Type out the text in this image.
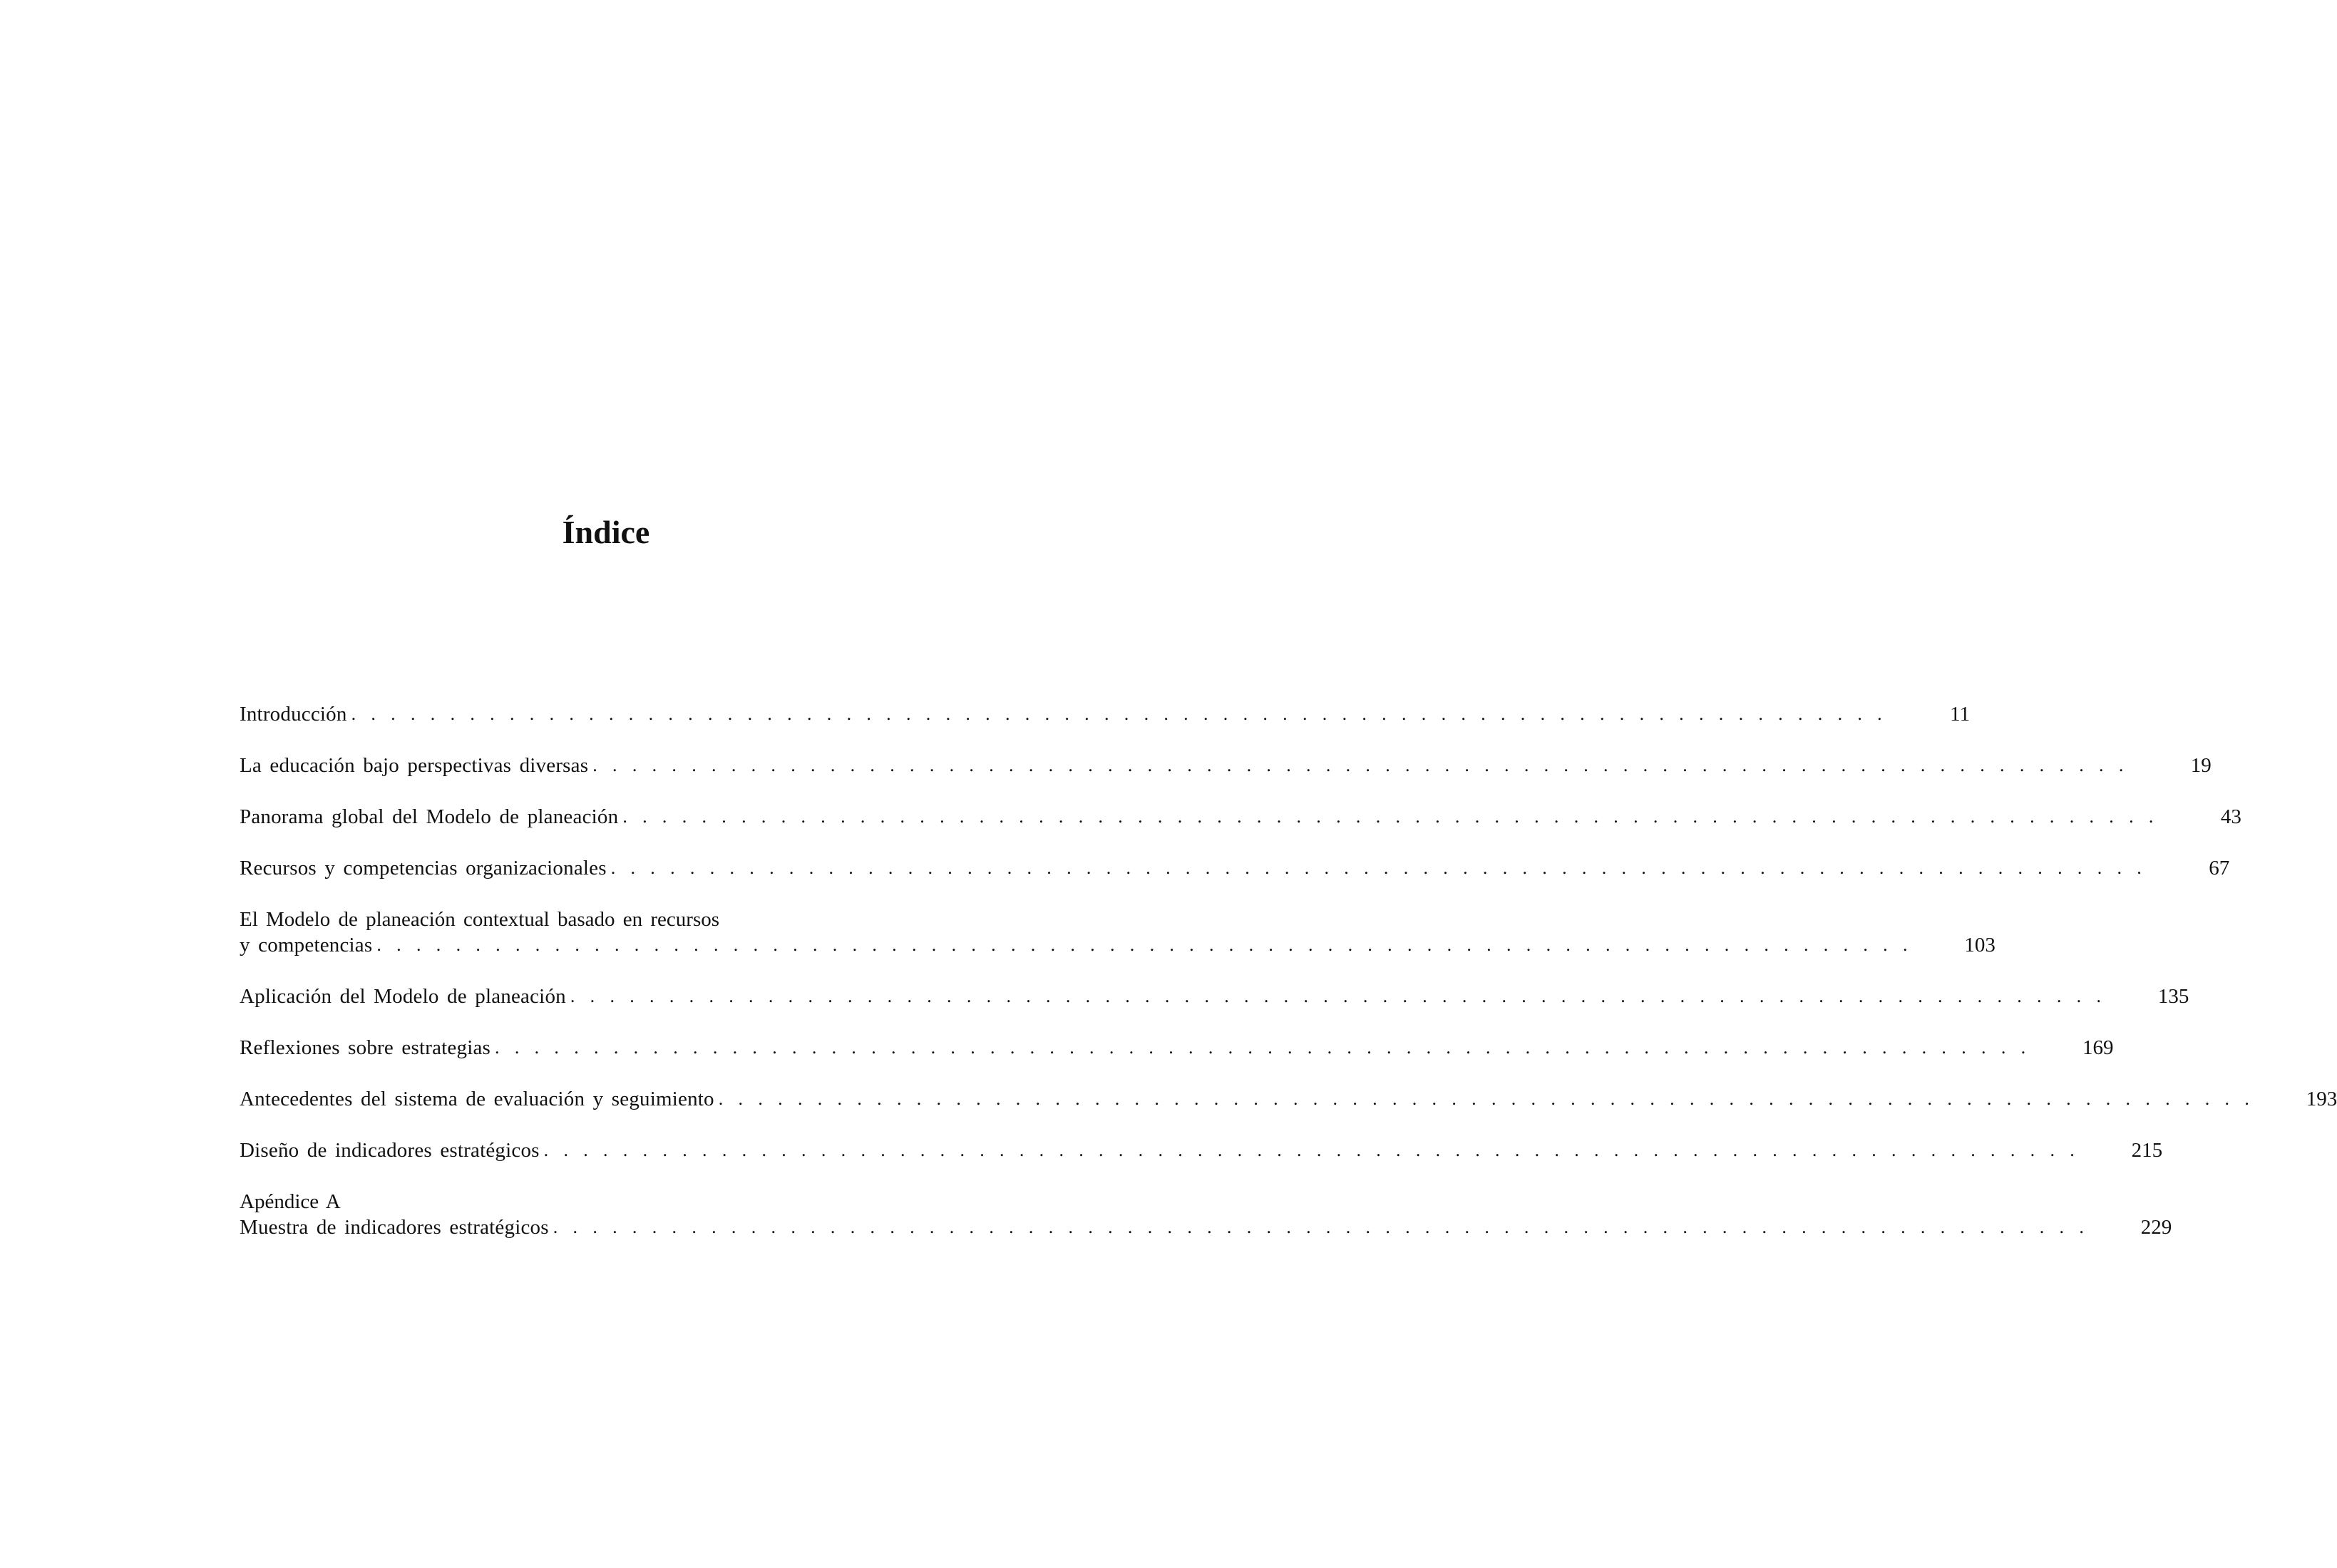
Índice
Introducción . . . . . . . . . . . . . . . . . . . . . . . . . . . . . . . . . . . . . . . . . . . . . . . . . . . . . . . . . . . . . . . . . . . . . . . . . . . . . .	11
La educación bajo perspectivas diversas . . . . . . . . . . . . . . . . . . . . . . . . . . . . . . . . . . . . . . . . . . . . . . . . . . . . . . . . . . . . . . . . . . . . . . . . . . . . . .	19
Panorama global del Modelo de planeación . . . . . . . . . . . . . . . . . . . . . . . . . . . . . . . . . . . . . . . . . . . . . . . . . . . . . . . . . . . . . . . . . . . . . . . . . . . . . .	43
Recursos y competencias organizacionales . . . . . . . . . . . . . . . . . . . . . . . . . . . . . . . . . . . . . . . . . . . . . . . . . . . . . . . . . . . . . . . . . . . . . . . . . . . . . .	67
El Modelo de planeación contextual basado en recursos
y competencias . . . . . . . . . . . . . . . . . . . . . . . . . . . . . . . . . . . . . . . . . . . . . . . . . . . . . . . . . . . . . . . . . . . . . . . . . . . . . .	103
Aplicación del Modelo de planeación . . . . . . . . . . . . . . . . . . . . . . . . . . . . . . . . . . . . . . . . . . . . . . . . . . . . . . . . . . . . . . . . . . . . . . . . . . . . . .	135
Reflexiones sobre estrategias . . . . . . . . . . . . . . . . . . . . . . . . . . . . . . . . . . . . . . . . . . . . . . . . . . . . . . . . . . . . . . . . . . . . . . . . . . . . . .	169
Antecedentes del sistema de evaluación y seguimiento . . . . . . . . . . . . . . . . . . . . . . . . . . . . . . . . . . . . . . . . . . . . . . . . . . . . . . . . . . . . . . . . . . . . . . . . . . . . . .	193
Diseño de indicadores estratégicos . . . . . . . . . . . . . . . . . . . . . . . . . . . . . . . . . . . . . . . . . . . . . . . . . . . . . . . . . . . . . . . . . . . . . . . . . . . . . .	215
Apéndice A
Muestra de indicadores estratégicos . . . . . . . . . . . . . . . . . . . . . . . . . . . . . . . . . . . . . . . . . . . . . . . . . . . . . . . . . . . . . . . . . . . . . . . . . . . . . .	229
